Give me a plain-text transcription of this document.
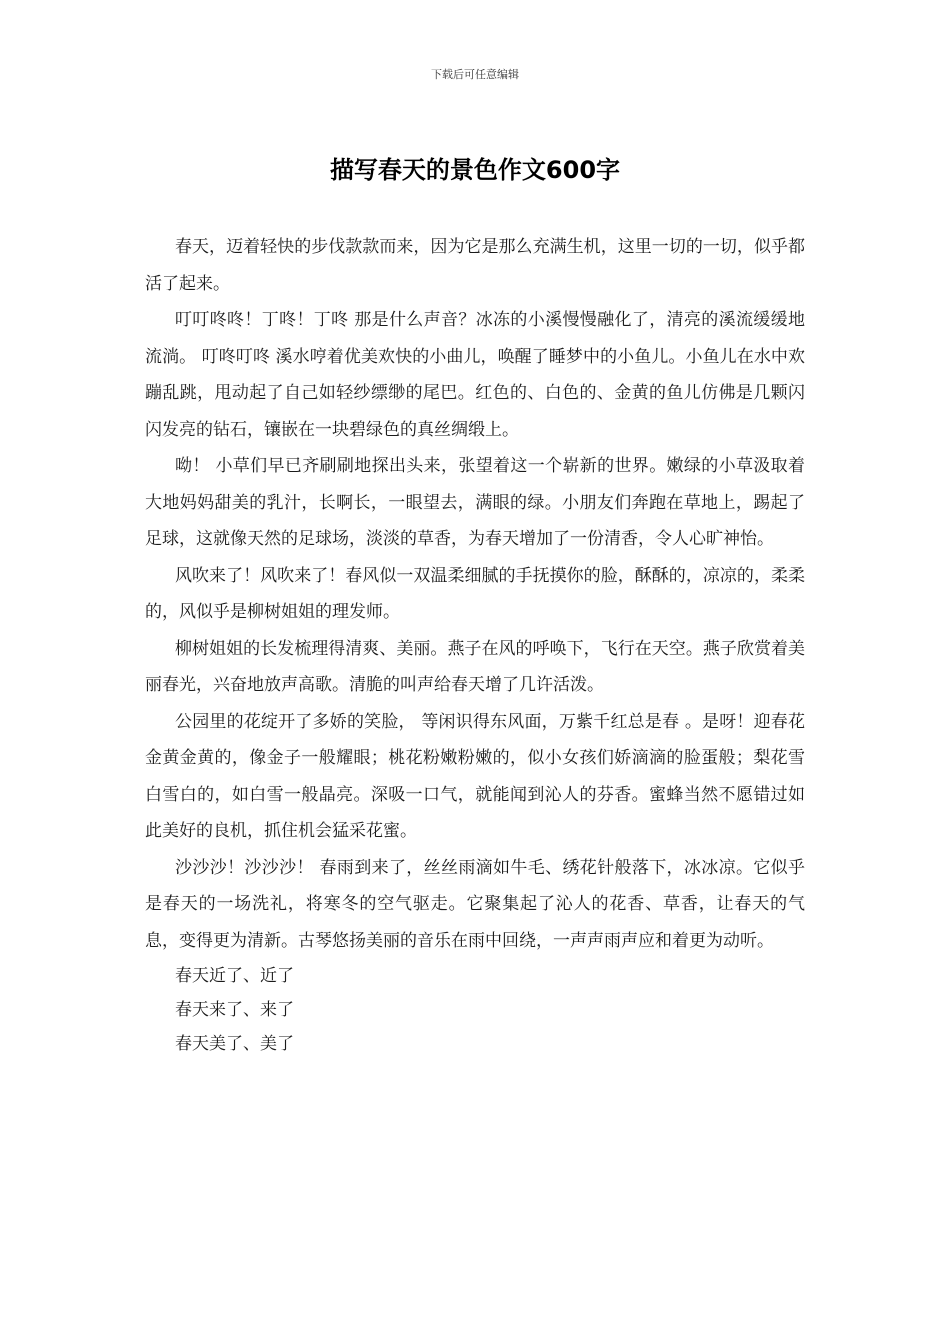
下载后可任意编辑
描写春天的景色作文600字

春天，迈着轻快的步伐款款而来，因为它是那么充满生机，这里一切的一切，似乎都活了起来。

叮叮咚咚！丁咚！丁咚 那是什么声音？冰冻的小溪慢慢融化了，清亮的溪流缓缓地流淌。 叮咚叮咚 溪水哼着优美欢快的小曲儿，唤醒了睡梦中的小鱼儿。小鱼儿在水中欢蹦乱跳，甩动起了自己如轻纱缥缈的尾巴。红色的、白色的、金黄的鱼儿仿佛是几颗闪闪发亮的钻石，镶嵌在一块碧绿色的真丝绸缎上。

呦！ 小草们早已齐刷刷地探出头来，张望着这一个崭新的世界。嫩绿的小草汲取着大地妈妈甜美的乳汁，长啊长，一眼望去，满眼的绿。小朋友们奔跑在草地上，踢起了足球，这就像天然的足球场，淡淡的草香，为春天增加了一份清香，令人心旷神怡。

风吹来了！风吹来了！春风似一双温柔细腻的手抚摸你的脸，酥酥的，凉凉的，柔柔的，风似乎是柳树姐姐的理发师。

柳树姐姐的长发梳理得清爽、美丽。燕子在风的呼唤下，飞行在天空。燕子欣赏着美丽春光，兴奋地放声高歌。清脆的叫声给春天增了几许活泼。

公园里的花绽开了多娇的笑脸， 等闲识得东风面，万紫千红总是春 。是呀！迎春花金黄金黄的，像金子一般耀眼；桃花粉嫩粉嫩的，似小女孩们娇滴滴的脸蛋般；梨花雪白雪白的，如白雪一般晶亮。深吸一口气，就能闻到沁人的芬香。蜜蜂当然不愿错过如此美好的良机，抓住机会猛采花蜜。

沙沙沙！沙沙沙！ 春雨到来了，丝丝雨滴如牛毛、绣花针般落下，冰冰凉。它似乎是春天的一场洗礼，将寒冬的空气驱走。它聚集起了沁人的花香、草香，让春天的气息，变得更为清新。古琴悠扬美丽的音乐在雨中回绕，一声声雨声应和着更为动听。

春天近了、近了

春天来了、来了

春天美了、美了
